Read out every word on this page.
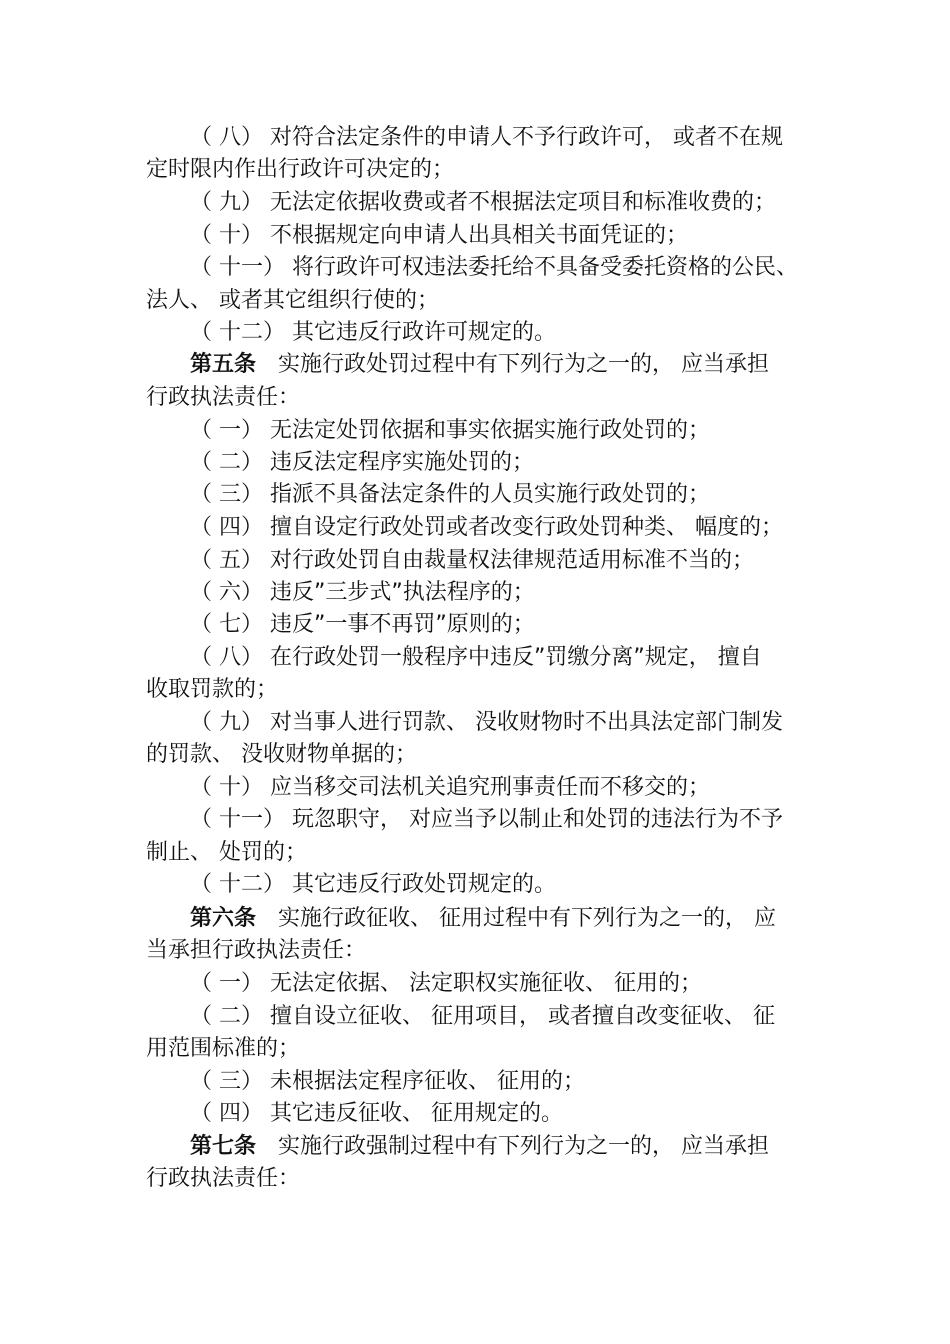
（ 八） 对符合法定条件的申请人不予行政许可， 或者不在规
定时限内作出行政许可决定的；
（ 九） 无法定依据收费或者不根据法定项目和标准收费的；
（ 十） 不根据规定向申请人出具相关书面凭证的；
（ 十一） 将行政许可权违法委托给不具备受委托资格的公民、
法人、 或者其它组织行使的；
（ 十二） 其它违反行政许可规定的。
第五条 实施行政处罚过程中有下列行为之一的， 应当承担
行政执法责任：
（ 一） 无法定处罚依据和事实依据实施行政处罚的；
（ 二） 违反法定程序实施处罚的；
（ 三） 指派不具备法定条件的人员实施行政处罚的；
（ 四） 擅自设定行政处罚或者改变行政处罚种类、 幅度的；
（ 五） 对行政处罚自由裁量权法律规范适用标准不当的；
（ 六） 违反”三步式”执法程序的；
（ 七） 违反”一事不再罚”原则的；
（ 八） 在行政处罚一般程序中违反”罚缴分离”规定， 擅自
收取罚款的；
（ 九） 对当事人进行罚款、 没收财物时不出具法定部门制发
的罚款、 没收财物单据的；
（ 十） 应当移交司法机关追究刑事责任而不移交的；
（ 十一） 玩忽职守， 对应当予以制止和处罚的违法行为不予
制止、 处罚的；
（ 十二） 其它违反行政处罚规定的。
第六条 实施行政征收、 征用过程中有下列行为之一的， 应
当承担行政执法责任：
（ 一） 无法定依据、 法定职权实施征收、 征用的；
（ 二） 擅自设立征收、 征用项目， 或者擅自改变征收、 征
用范围标准的；
（ 三） 未根据法定程序征收、 征用的；
（ 四） 其它违反征收、 征用规定的。
第七条 实施行政强制过程中有下列行为之一的， 应当承担
行政执法责任：
